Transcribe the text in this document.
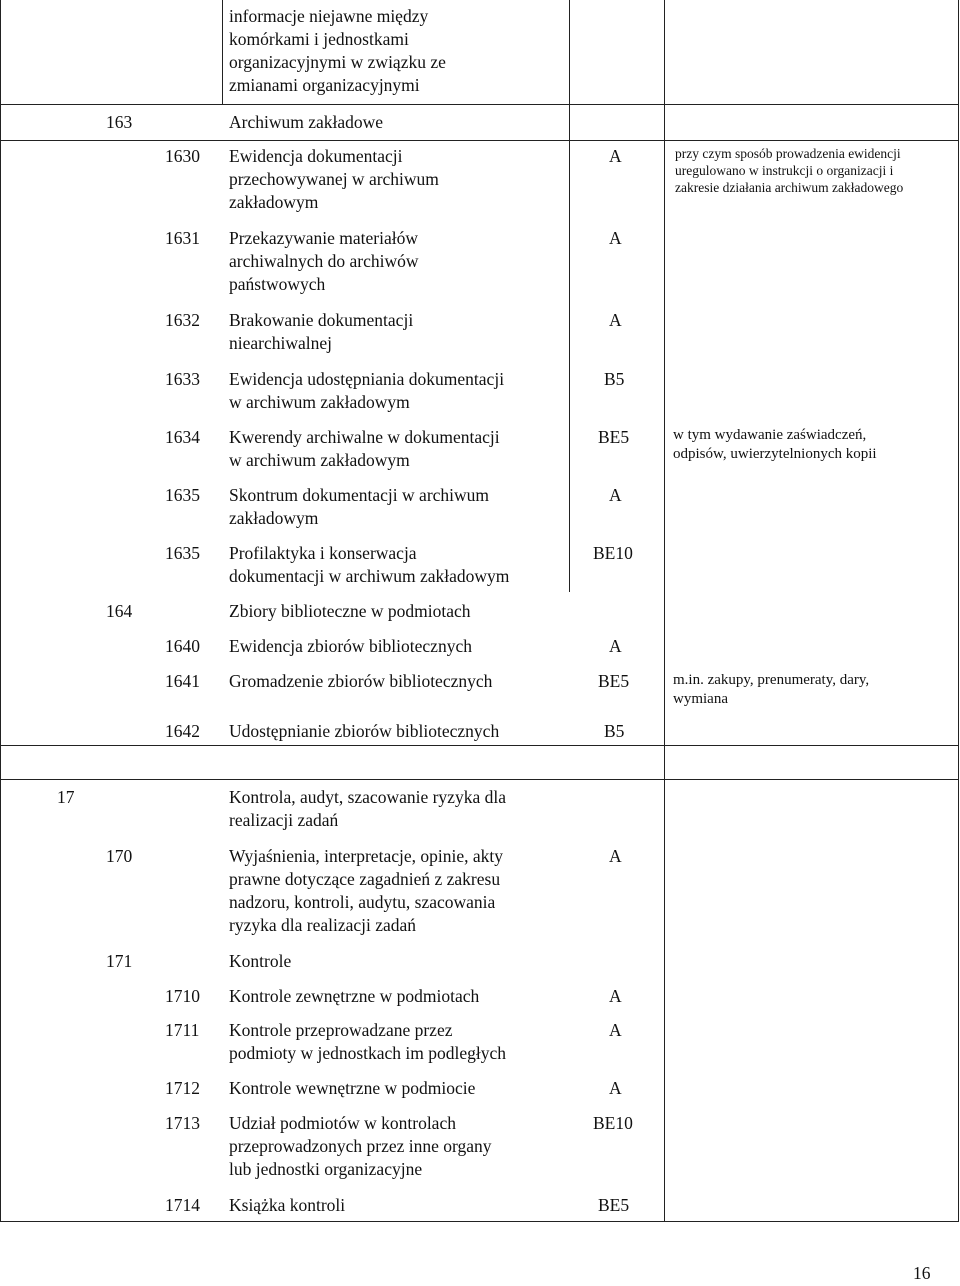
informacje niejawne między
komórkami i jednostkami
organizacyjnymi w związku ze
zmianami organizacyjnymi
163	Archiwum zakładowe
1630 Ewidencja dokumentacji
przechowywanej w archiwum
zakładowym
A	przy czym sposób prowadzenia ewidencji
uregulowano w instrukcji o organizacji i
zakresie działania archiwum zakładowego
1631 Przekazywanie materiałów
archiwalnych do archiwów
państwowych
A
1632 Brakowanie dokumentacji
niearchiwalnej
A
1633 Ewidencja udostępniania dokumentacji
w archiwum zakładowym
B5
1634 Kwerendy archiwalne w dokumentacji
w archiwum zakładowym
BE5	w tym wydawanie zaświadczeń,
odpisów, uwierzytelnionych kopii
1635 Skontrum dokumentacji w archiwum
zakładowym
A
1635 Profilaktyka i konserwacja
dokumentacji w archiwum zakładowym
BE10
164	Zbiory biblioteczne w podmiotach
1640 Ewidencja zbiorów bibliotecznych	A
1641 Gromadzenie zbiorów bibliotecznych	BE5	m.in. zakupy, prenumeraty, dary,
wymiana
1642 Udostępnianie zbiorów bibliotecznych	B5
17	Kontrola, audyt, szacowanie ryzyka dla
realizacji zadań
170	Wyjaśnienia, interpretacje, opinie, akty
prawne dotyczące zagadnień z zakresu
nadzoru, kontroli, audytu, szacowania
ryzyka dla realizacji zadań
A
171	Kontrole
1710 Kontrole zewnętrzne w podmiotach	A
1711 Kontrole przeprowadzane przez
podmioty w jednostkach im podległych
A
1712 Kontrole wewnętrzne w podmiocie	A
1713 Udział podmiotów w kontrolach
przeprowadzonych przez inne organy
lub jednostki organizacyjne
BE10
1714 Książka kontroli	BE5
16
